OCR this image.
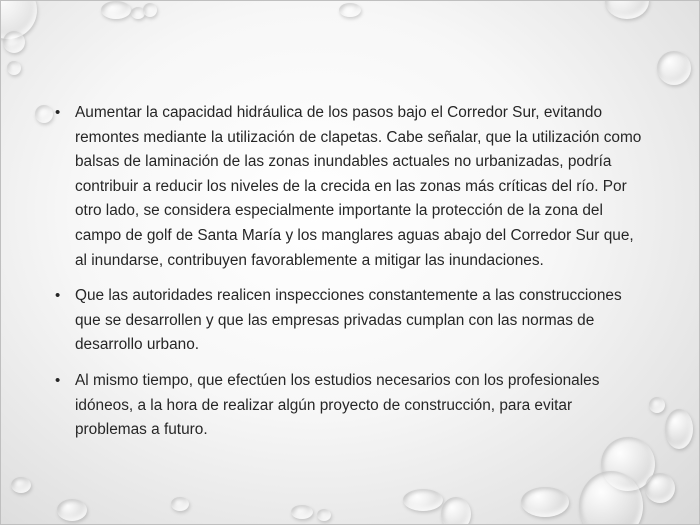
• Aumentar la capacidad hidráulica de los pasos bajo el Corredor Sur, evitando remontes mediante la utilización de clapetas. Cabe señalar, que la utilización como balsas de laminación de las zonas inundables actuales no urbanizadas, podría contribuir a reducir los niveles de la crecida en las zonas más críticas del río. Por otro lado, se considera especialmente importante la protección de la zona del campo de golf de Santa María y los manglares aguas abajo del Corredor Sur que, al inundarse, contribuyen favorablemente a mitigar las inundaciones.
• Que las autoridades realicen inspecciones constantemente a las construcciones que se desarrollen y que las empresas privadas cumplan con las normas de desarrollo urbano.
• Al mismo tiempo, que efectúen los estudios necesarios con los profesionales idóneos, a la hora de realizar algún proyecto de construcción, para evitar problemas a futuro.
